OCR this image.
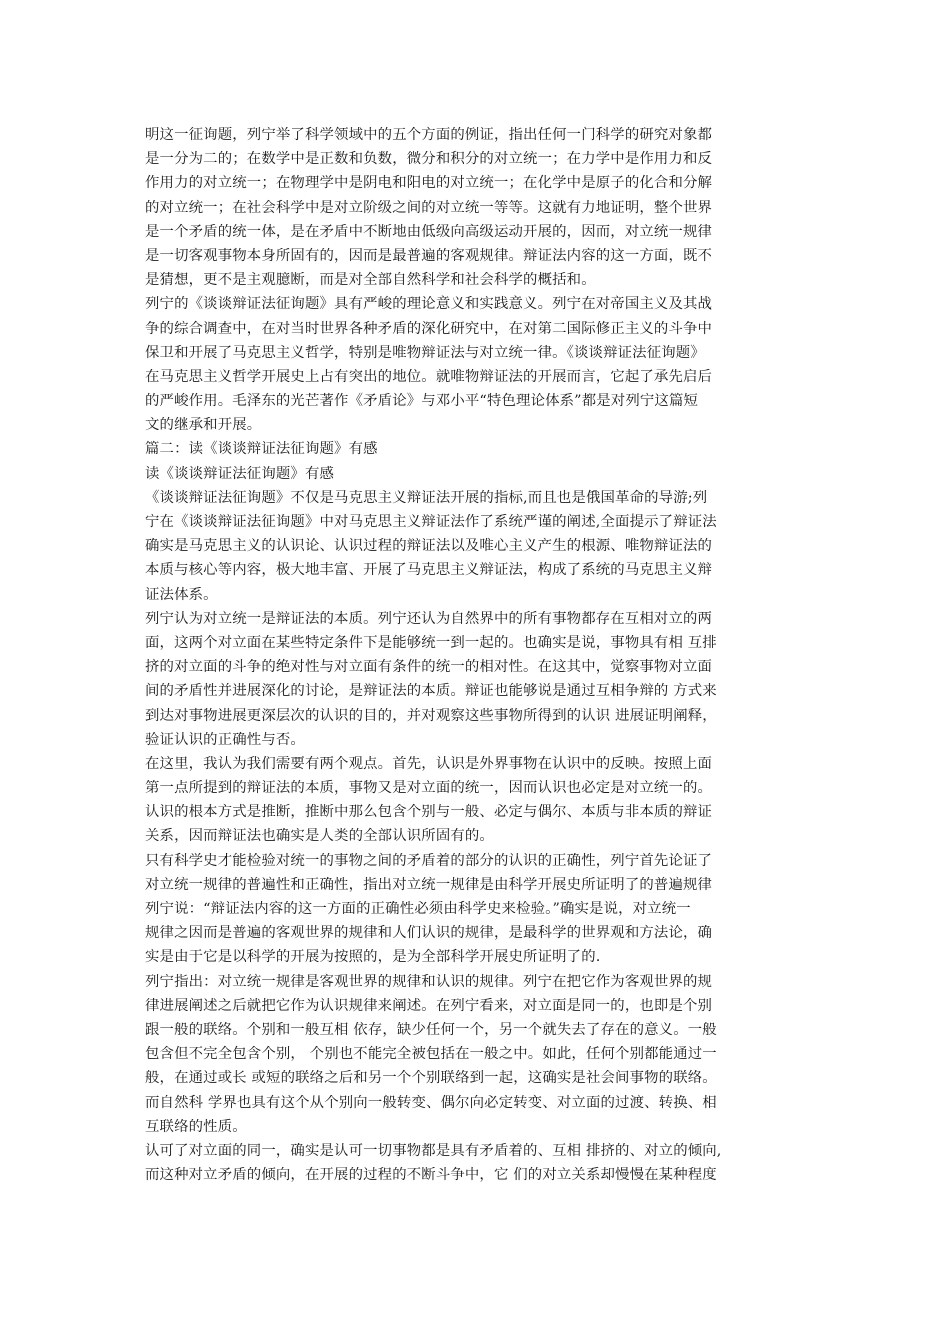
明这一征询题，列宁举了科学领域中的五个方面的例证，指出任何一门科学的研究对象都
是一分为二的；在数学中是正数和负数，微分和积分的对立统一；在力学中是作用力和反
作用力的对立统一；在物理学中是阴电和阳电的对立统一；在化学中是原子的化合和分解
的对立统一；在社会科学中是对立阶级之间的对立统一等等。这就有力地证明，整个世界
是一个矛盾的统一体，是在矛盾中不断地由低级向高级运动开展的，因而，对立统一规律
是一切客观事物本身所固有的，因而是最普遍的客观规律。辩证法内容的这一方面，既不
是猜想，更不是主观臆断，而是对全部自然科学和社会科学的概括和。
列宁的《谈谈辩证法征询题》具有严峻的理论意义和实践意义。列宁在对帝国主义及其战
争的综合调查中，在对当时世界各种矛盾的深化研究中，在对第二国际修正主义的斗争中
保卫和开展了马克思主义哲学，特别是唯物辩证法与对立统一律。《谈谈辩证法征询题》
在马克思主义哲学开展史上占有突出的地位。就唯物辩证法的开展而言，它起了承先启后
的严峻作用。毛泽东的光芒著作《矛盾论》与邓小平“特色理论体系”都是对列宁这篇短
文的继承和开展。
篇二：读《谈谈辩证法征询题》有感
读《谈谈辩证法征询题》有感
《谈谈辩证法征询题》不仅是马克思主义辩证法开展的指标,而且也是俄国革命的导游;列
宁在《谈谈辩证法征询题》中对马克思主义辩证法作了系统严谨的阐述,全面提示了辩证法
确实是马克思主义的认识论、认识过程的辩证法以及唯心主义产生的根源、唯物辩证法的
本质与核心等内容，极大地丰富、开展了马克思主义辩证法，构成了系统的马克思主义辩
证法体系。
列宁认为对立统一是辩证法的本质。列宁还认为自然界中的所有事物都存在互相对立的两
面，这两个对立面在某些特定条件下是能够统一到一起的。也确实是说，事物具有相 互排
挤的对立面的斗争的绝对性与对立面有条件的统一的相对性。在这其中，觉察事物对立面
间的矛盾性并进展深化的讨论，是辩证法的本质。辩证也能够说是通过互相争辩的 方式来
到达对事物进展更深层次的认识的目的，并对观察这些事物所得到的认识 进展证明阐释，
验证认识的正确性与否。
在这里，我认为我们需要有两个观点。首先，认识是外界事物在认识中的反映。按照上面
第一点所提到的辩证法的本质，事物又是对立面的统一，因而认识也必定是对立统一的。
认识的根本方式是推断，推断中那么包含个别与一般、必定与偶尔、本质与非本质的辩证
关系，因而辩证法也确实是人类的全部认识所固有的。
只有科学史才能检验对统一的事物之间的矛盾着的部分的认识的正确性，列宁首先论证了
对立统一规律的普遍性和正确性，指出对立统一规律是由科学开展史所证明了的普遍规律
列宁说：“辩证法内容的这一方面的正确性必须由科学史来检验。”确实是说，对立统一
规律之因而是普遍的客观世界的规律和人们认识的规律，是最科学的世界观和方法论，确
实是由于它是以科学的开展为按照的，是为全部科学开展史所证明了的.
列宁指出：对立统一规律是客观世界的规律和认识的规律。列宁在把它作为客观世界的规
律进展阐述之后就把它作为认识规律来阐述。在列宁看来，对立面是同一的，也即是个别
跟一般的联络。个别和一般互相 依存，缺少任何一个，另一个就失去了存在的意义。一般
包含但不完全包含个别， 个别也不能完全被包括在一般之中。如此，任何个别都能通过一
般，在通过或长 或短的联络之后和另一个个别联络到一起，这确实是社会间事物的联络。
而自然科 学界也具有这个从个别向一般转变、偶尔向必定转变、对立面的过渡、转换、相
互联络的性质。
认可了对立面的同一，确实是认可一切事物都是具有矛盾着的、互相 排挤的、对立的倾向,
而这种对立矛盾的倾向，在开展的过程的不断斗争中，它 们的对立关系却慢慢在某种程度
